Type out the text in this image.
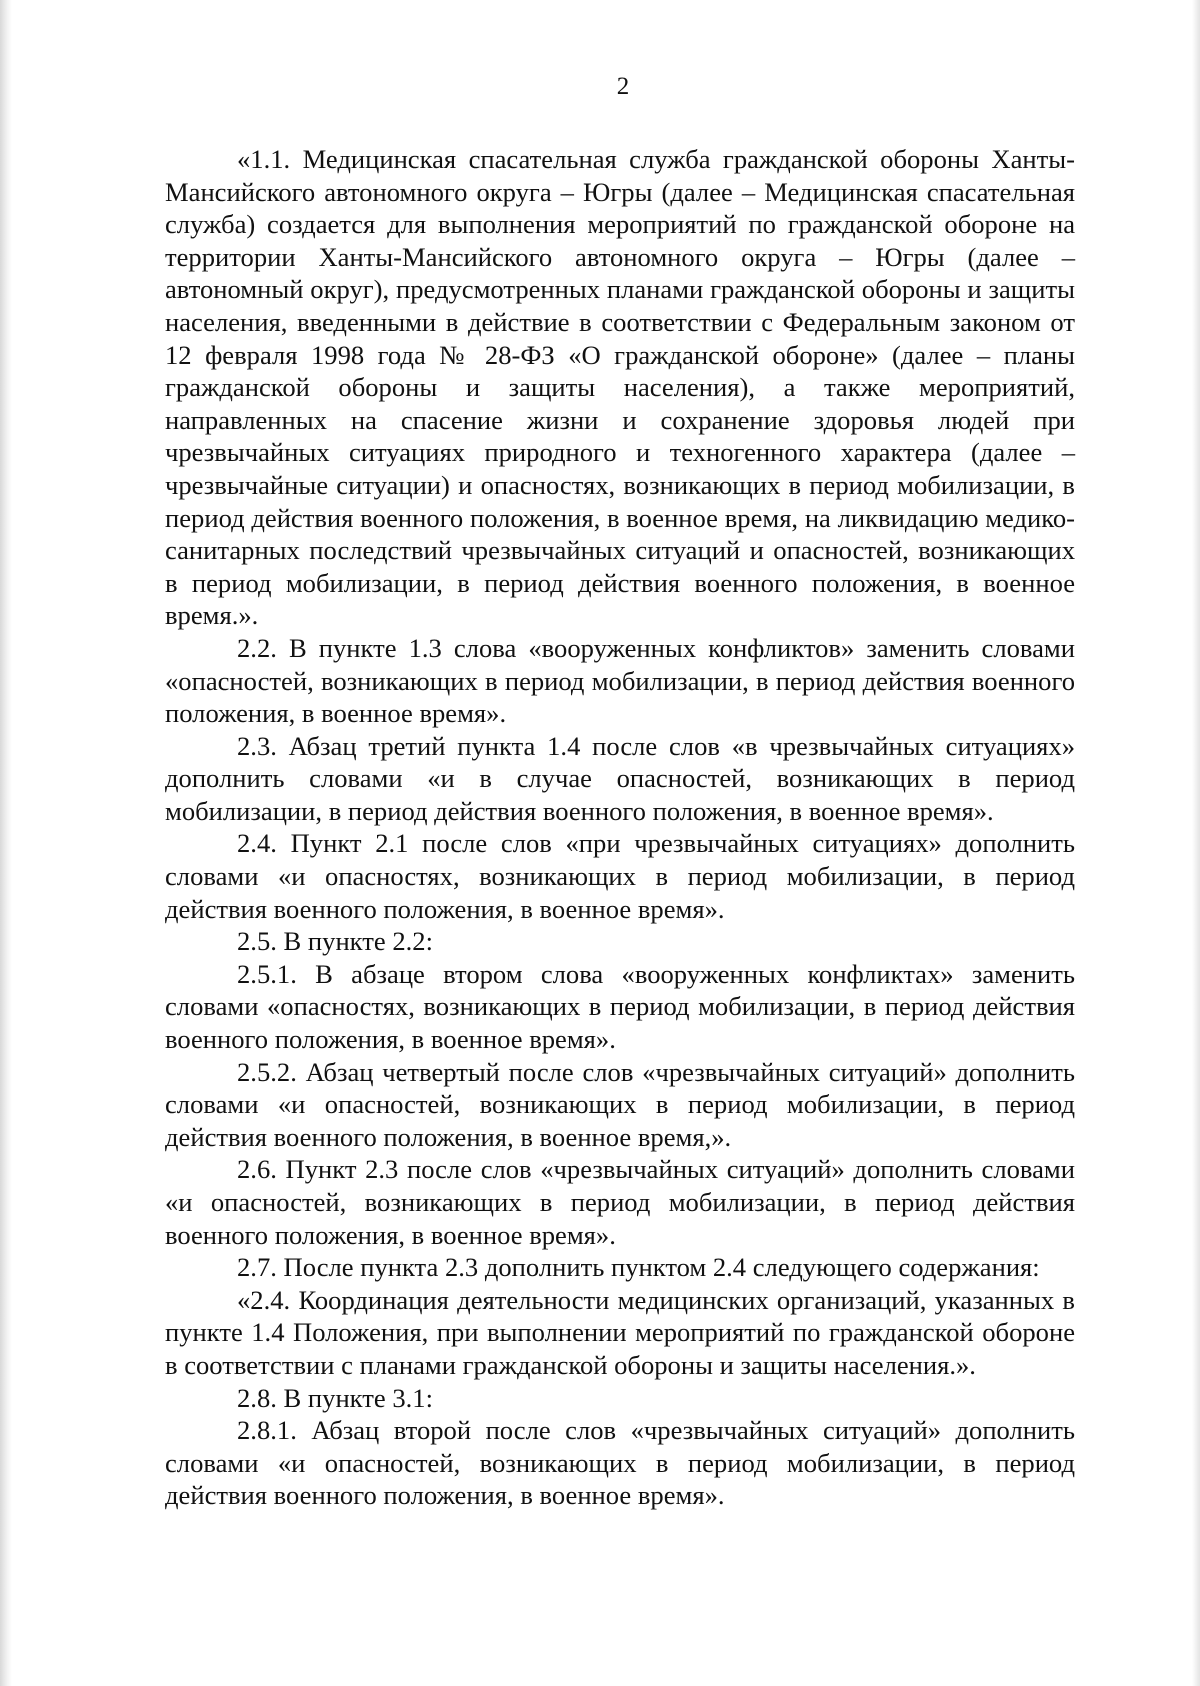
2

«1.1. Медицинская спасательная служба гражданской обороны Ханты-Мансийского автономного округа – Югры (далее – Медицинская спасательная служба) создается для выполнения мероприятий по гражданской обороне на территории Ханты-Мансийского автономного округа – Югры (далее – автономный округ), предусмотренных планами гражданской обороны и защиты населения, введенными в действие в соответствии с Федеральным законом от 12 февраля 1998 года № 28-ФЗ «О гражданской обороне» (далее – планы гражданской обороны и защиты населения), а также мероприятий, направленных на спасение жизни и сохранение здоровья людей при чрезвычайных ситуациях природного и техногенного характера (далее – чрезвычайные ситуации) и опасностях, возникающих в период мобилизации, в период действия военного положения, в военное время, на ликвидацию медико-санитарных последствий чрезвычайных ситуаций и опасностей, возникающих в период мобилизации, в период действия военного положения, в военное время.».

2.2. В пункте 1.3 слова «вооруженных конфликтов» заменить словами «опасностей, возникающих в период мобилизации, в период действия военного положения, в военное время».

2.3. Абзац третий пункта 1.4 после слов «в чрезвычайных ситуациях» дополнить словами «и в случае опасностей, возникающих в период мобилизации, в период действия военного положения, в военное время».

2.4. Пункт 2.1 после слов «при чрезвычайных ситуациях» дополнить словами «и опасностях, возникающих в период мобилизации, в период действия военного положения, в военное время».

2.5. В пункте 2.2:

2.5.1. В абзаце втором слова «вооруженных конфликтах» заменить словами «опасностях, возникающих в период мобилизации, в период действия военного положения, в военное время».

2.5.2. Абзац четвертый после слов «чрезвычайных ситуаций» дополнить словами «и опасностей, возникающих в период мобилизации, в период действия военного положения, в военное время,».

2.6. Пункт 2.3 после слов «чрезвычайных ситуаций» дополнить словами «и опасностей, возникающих в период мобилизации, в период действия военного положения, в военное время».

2.7. После пункта 2.3 дополнить пунктом 2.4 следующего содержания:

«2.4. Координация деятельности медицинских организаций, указанных в пункте 1.4 Положения, при выполнении мероприятий по гражданской обороне в соответствии с планами гражданской обороны и защиты населения.».

2.8. В пункте 3.1:

2.8.1. Абзац второй после слов «чрезвычайных ситуаций» дополнить словами «и опасностей, возникающих в период мобилизации, в период действия военного положения, в военное время».
